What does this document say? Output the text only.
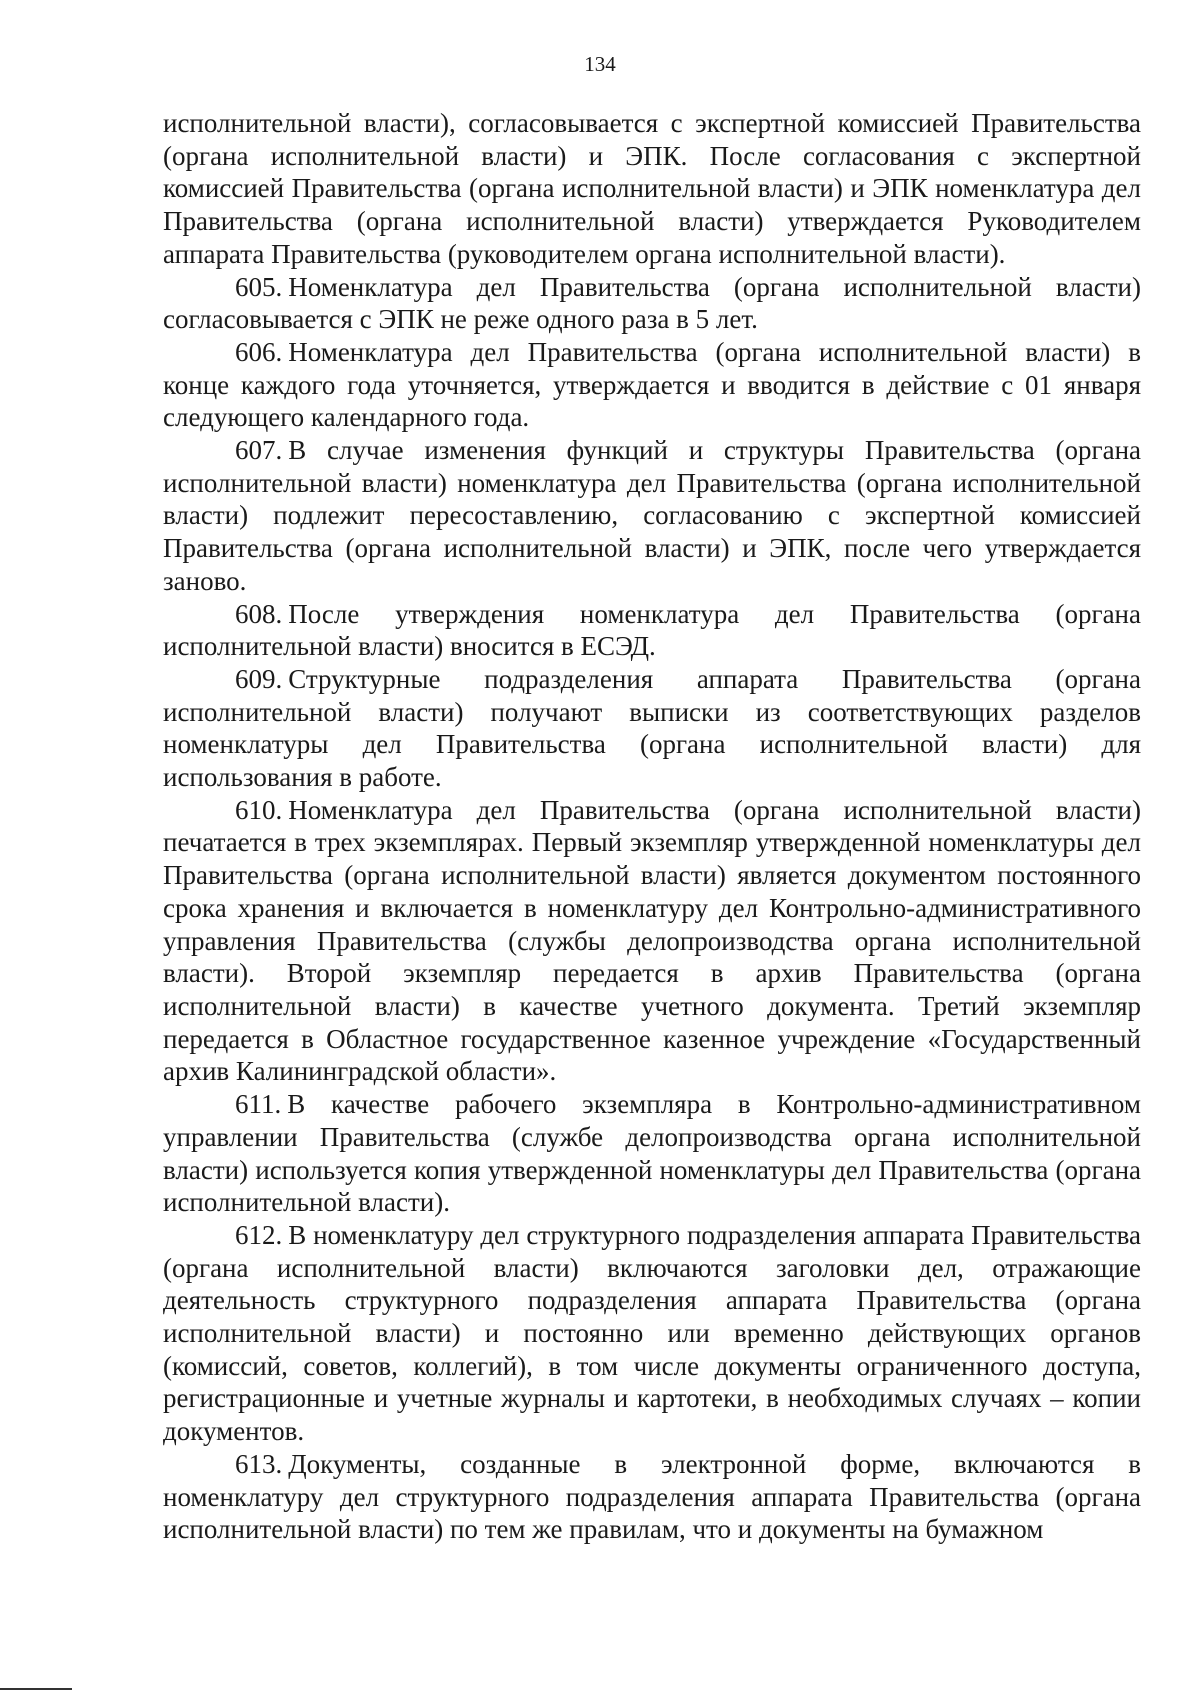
134

исполнительной власти), согласовывается с экспертной комиссией Правительства (органа исполнительной власти) и ЭПК. После согласования с экспертной комиссией Правительства (органа исполнительной власти) и ЭПК номенклатура дел Правительства (органа исполнительной власти) утверждается Руководителем аппарата Правительства (руководителем органа исполнительной власти).

605. Номенклатура дел Правительства (органа исполнительной власти) согласовывается с ЭПК не реже одного раза в 5 лет.

606. Номенклатура дел Правительства (органа исполнительной власти) в конце каждого года уточняется, утверждается и вводится в действие с 01 января следующего календарного года.

607. В случае изменения функций и структуры Правительства (органа исполнительной власти) номенклатура дел Правительства (органа исполнительной власти) подлежит пересоставлению, согласованию с экспертной комиссией Правительства (органа исполнительной власти) и ЭПК, после чего утверждается заново.

608. После утверждения номенклатура дел Правительства (органа исполнительной власти) вносится в ЕСЭД.

609. Структурные подразделения аппарата Правительства (органа исполнительной власти) получают выписки из соответствующих разделов номенклатуры дел Правительства (органа исполнительной власти) для использования в работе.

610. Номенклатура дел Правительства (органа исполнительной власти) печатается в трех экземплярах. Первый экземпляр утвержденной номенклатуры дел Правительства (органа исполнительной власти) является документом постоянного срока хранения и включается в номенклатуру дел Контрольно-административного управления Правительства (службы делопроизводства органа исполнительной власти). Второй экземпляр передается в архив Правительства (органа исполнительной власти) в качестве учетного документа. Третий экземпляр передается в Областное государственное казенное учреждение «Государственный архив Калининградской области».

611. В качестве рабочего экземпляра в Контрольно-административном управлении Правительства (службе делопроизводства органа исполнительной власти) используется копия утвержденной номенклатуры дел Правительства (органа исполнительной власти).

612. В номенклатуру дел структурного подразделения аппарата Правительства (органа исполнительной власти) включаются заголовки дел, отражающие деятельность структурного подразделения аппарата Правительства (органа исполнительной власти) и постоянно или временно действующих органов (комиссий, советов, коллегий), в том числе документы ограниченного доступа, регистрационные и учетные журналы и картотеки, в необходимых случаях – копии документов.

613. Документы, созданные в электронной форме, включаются в номенклатуру дел структурного подразделения аппарата Правительства (органа исполнительной власти) по тем же правилам, что и документы на бумажном
